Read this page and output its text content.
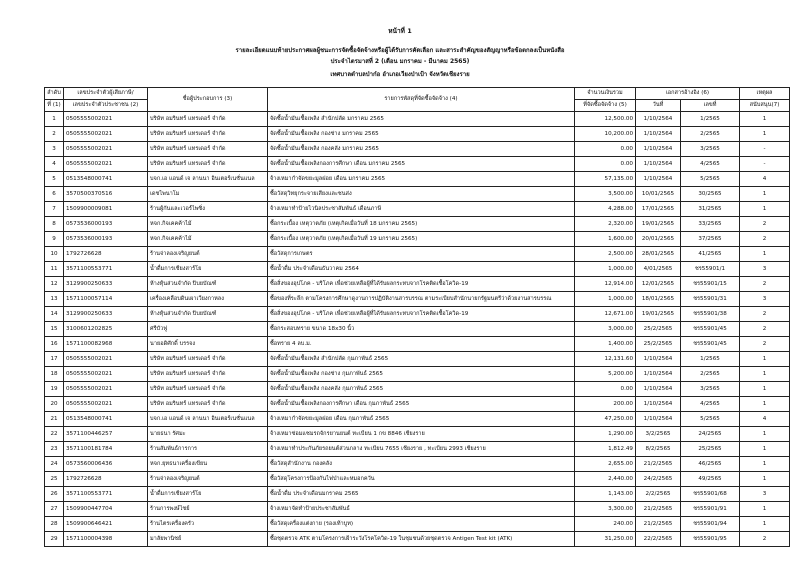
หน้าที่ 1
รายละเอียดแนบท้ายประกาศผลผู้ชนะการจัดซื้อจัดจ้างหรือผู้ได้รับการคัดเลือก และสาระสำคัญของสัญญาหรือข้อตกลงเป็นหนังสือ
ประจำไตรมาสที่ 2 (เดือน มกราคม - มีนาคม 2565)
เทศบาลตำบลป่าก๋อ อำเภอเวียงป่าเป้า จังหวัดเชียงราย
ลำดับ	เลขประจำตัวผู้เสียภาษี/	ชื่อผู้ประกอบการ (3)	รายการพัสดุที่จัดซื้อจัดจ้าง (4)	จำนวนเงินรวม	เอกสารอ้างอิง (6)		เหตุผล
ที่ (1)	เลขประจำตัวประชาชน (2)			ที่จัดซื้อจัดจ้าง (5)	วันที่	เลขที่	สนับสนุน(7)
1	0505555002021	บริษัท อมรินทร์ แทรเดอร์ จำกัด	จัดซื้อน้ำมันเชื้อเพลิง สำนักปลัด มกราคม 2565	12,500.00	1/10/2564	1/2565	1
2	0505555002021	บริษัท อมรินทร์ แทรเดอร์ จำกัด	จัดซื้อน้ำมันเชื้อเพลิง กองช่าง มกราคม 2565	10,200.00	1/10/2564	2/2565	1
3	0505555002021	บริษัท อมรินทร์ แทรเดอร์ จำกัด	จัดซื้อน้ำมันเชื้อเพลิง กองคลัง มกราคม 2565	0.00	1/10/2564	3/2565	-
4	0505555002021	บริษัท อมรินทร์ แทรเดอร์ จำกัด	จัดซื้อน้ำมันเชื้อเพลิงกองการศึกษา เดือน มกราคม 2565	0.00	1/10/2564	4/2565	-
5	0513548000741	บจก.เอ แอนด์ เจ ลานนา อินเตอร์เนชั่นแนล	จ้างเหมากำจัดขยะมูลฝอย เดือน มกราคม 2565	57,135.00	1/10/2564	5/2565	4
6	3570500370516	เดชไพนาโม	ซื้อวัสดุวิทยุกระจายเสียงและชนส่ง	3,500.00	10/01/2565	30/2565	1
7	1509900009081	ร้านผู้กันและเวอร์ไพซิ่ง	จ้างเหมาทำป้ายไวนิลประชาสัมพันธ์ เดือนภาษี	4,288.00	17/01/2565	31/2565	1
8	0573536000193	หจก.กิจเคคค้าไม้	ซื้อกระเบื้อง เหตุวาตภัย (เหตุเกิดเมื่อวันที่ 18 มกราคม 2565)	2,320.00	19/01/2565	33/2565	2
9	0573536000193	หจก.กิจเคคค้าไม้	ซื้อกระเบื้อง เหตุวาตภัย (เหตุเกิดเมื่อวันที่ 19 มกราคม 2565)	1,600.00	20/01/2565	37/2565	2
10	1792726628	ร้านจ่าลองเจริญยนต์	ซื้อวัสดุการเกษตร	2,500.00	28/01/2565	41/2565	1
11	3571100553771	น้ำดื่มการเชียงสาร์โย	ซื้อน้ำดื่ม ประจำเดือนธันวาคม 2564	1,000.00	4/01/2565	ชร55901/1	3
12	3129900250633	ห้างหุ้นส่วนจำกัด ปิบยบัณฑ์	ซื้อสิ่งของอุปโภค - บริโภค เพื่อช่วยเหลือผู้ที่ได้รับผลกระทบจากโรคติดเชื้อโควิด-19	12,914.00	12/01/2565	ชร55901/15	2
13	1571100057114	เครื่องเคลือบดินเผาเวียงกาหลง	ซื้อของที่ระลึก ตามโครงการศึกษาดูงานการปฏิบัติงานสารบรรณ ตามระเบียบสำนักนายกรัฐมนตรีว่าด้วยงานสารบรรณ	1,000.00	18/01/2565	ชร55901/31	3
14	3129900250633	ห้างหุ้นส่วนจำกัด ปิบยบัณฑ์	ซื้อสิ่งของอุปโภค - บริโภค เพื่อช่วยเหลือผู้ที่ได้รับผลกระทบจากโรคติดเชื้อโควิด-19	12,671.00	19/01/2565	ชร55901/38	2
15	3100601202825	ศรีบัวฟู	ซื้อกระสอบทราย ขนาด 18x30 นิ้ว	3,000.00	25/2/2565	ชร55901/45	2
16	1571100082968	นายอดิศักดิ์ บรรจง	ซื้อทราย 4 ลบ.ม.	1,400.00	25/2/2565	ชร55901/45	2
17	0505555002021	บริษัท อมรินทร์ แทรเดอร์ จำกัด	จัดซื้อน้ำมันเชื้อเพลิง สำนักปลัด กุมภาพันธ์ 2565	12,131.60	1/10/2564	1/2565	1
18	0505555002021	บริษัท อมรินทร์ แทรเดอร์ จำกัด	จัดซื้อน้ำมันเชื้อเพลิง กองช่าง กุมภาพันธ์ 2565	5,200.00	1/10/2564	2/2565	1
19	0505555002021	บริษัท อมรินทร์ แทรเดอร์ จำกัด	จัดซื้อน้ำมันเชื้อเพลิง กองคลัง กุมภาพันธ์ 2565	0.00	1/10/2564	3/2565	1
20	0505555002021	บริษัท อมรินทร์ แทรเดอร์ จำกัด	จัดซื้อน้ำมันเชื้อเพลิงกองการศึกษา เดือน กุมภาพันธ์ 2565	200.00	1/10/2564	4/2565	1
21	0513548000741	บจก.เอ แอนด์ เจ ลานนา อินเตอร์เนชั่นแนล	จ้างเหมากำจัดขยะมูลฝอย เดือน กุมภาพันธ์ 2565	47,250.00	1/10/2564	5/2565	4
22	3571100446257	นายธนา รัศมะ	จ้างเหมาซ่อมแซมรถจักรยานยนต์ ทะเบียน 1 กข 8846 เชียงราย	1,290.00	3/2/2565	24/2565	1
23	3571100181784	ร้านสัมพันธ์การการ	จ้างเหมาทำประกันภัยรถยนต์ส่วนกลาง ทะเบียน 7655 เชียงราย , ทะเบียน 2993 เชียงราย	1,812.49	8/2/2565	25/2565	1
24	0573560006436	หจก.ยุทธนาเครื่องเขียน	ซื้อวัสดุสำนักงาน กองคลัง	2,655.00	21/2/2565	46/2565	1
25	1792726628	ร้านจ่าลองเจริญยนต์	ซื้อวัสดุโครงการป้องกันไฟป่าและหมอกควัน	2,440.00	24/2/2565	49/2565	1
26	3571100553771	น้ำดื่มการเชียงสาร์โย	ซื้อน้ำดื่ม ประจำเดือนมกราคม 2565	1,143.00	2/2/2565	ชร55901/68	3
27	1509900447704	ร้านการพงษ์ไชย์	จ้างเหมาจัดทำป้ายประชาสัมพันธ์	3,300.00	21/2/2565	ชร55901/91	1
28	1509900646421	ร้านไตรเครื่องครัว	ซื้อวัสดุเครื่องแต่งกาย (รองเท้าบูท)	240.00	21/2/2565	ชร55901/94	1
29	1571100004398	มาลัยพานิชย์	ซื้อชุดตรวจ ATK ตามโครงการเฝ้าระวังโรคโควิด-19 ในชุมชนด้วยชุดตรวจ Antigen Test kit (ATK)	31,250.00	22/2/2565	ชร55901/95	2
